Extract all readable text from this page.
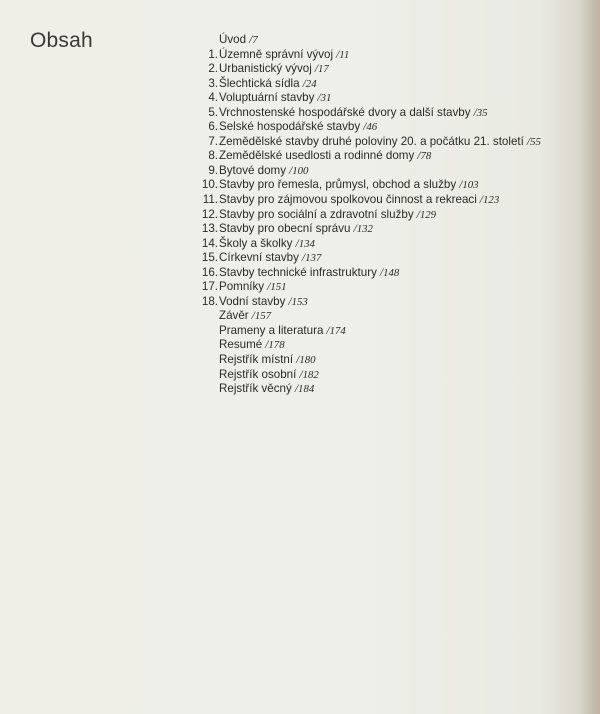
Obsah	Úvod / 7
1. Územně správní vývoj / 11
2. Urbanistický vývoj / 17
3. Šlechtická sídla / 24
4. Voluptuární stavby / 31
5. Vrchnostenské hospodářské dvory a další stavby / 35
6. Selské hospodářské stavby / 46
7. Zemědělské stavby druhé poloviny 20. a počátku 21. století / 55
8. Zemědělské usedlosti a rodinné domy / 78
9. Bytové domy / 100
10. Stavby pro řemesla, průmysl, obchod a služby / 103
11. Stavby pro zájmovou spolkovou činnost a rekreaci / 123
12. Stavby pro sociální a zdravotní služby / 129
13. Stavby pro obecní správu / 132
14. Školy a školky / 134
15. Církevní stavby / 137
16. Stavby technické infrastruktury / 148
17. Pomníky / 151
18. Vodní stavby / 153
Závěr / 157
Prameny a literatura / 174
Resumé / 178
Rejstřík místní / 180
Rejstřík osobní / 182
Rejstřík věcný / 184
